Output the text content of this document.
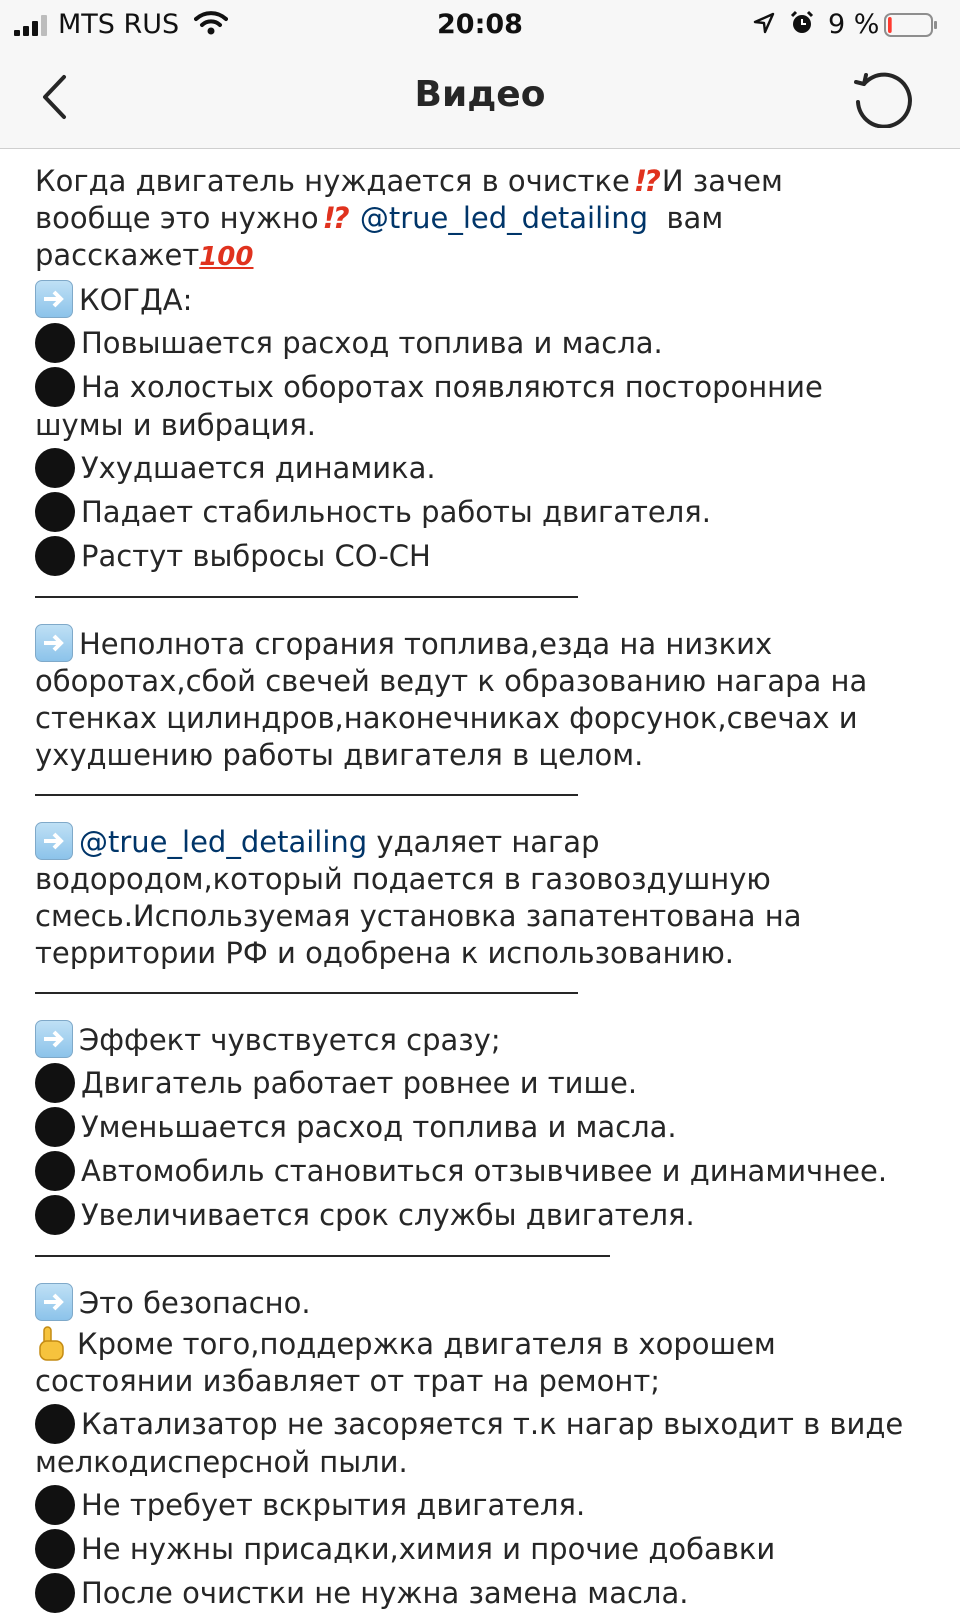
MTS RUS	20:08	9 %
Видео
Когда двигатель нуждается в очистке !? И зачем
вообще это нужно !? @true_led_detailing вам
расскажет100
КОГДА:
Повышается расход топлива и масла.
На холостых оборотах появляются посторонние
шумы и вибрация.
Ухудшается динамика.
Падает стабильность работы двигателя.
Растут выбросы CO-CH
Неполнота сгорания топлива,езда на низких
оборотах,сбой свечей ведут к образованию нагара на
стенках цилиндров,наконечниках форсунок,свечах и
ухудшению работы двигателя в целом.
@true_led_detailing удаляет нагар
водородом,который подается в газовоздушную
смесь.Используемая установка запатентована на
территории РФ и одобрена к использованию.
Эффект чувствуется сразу;
Двигатель работает ровнее и тише.
Уменьшается расход топлива и масла.
Автомобиль становиться отзывчивее и динамичнее.
Увеличивается срок службы двигателя.
Это безопасно.
Кроме того,поддержка двигателя в хорошем
состоянии избавляет от трат на ремонт;
Катализатор не засоряется т.к нагар выходит в виде
мелкодисперсной пыли.
Не требует вскрытия двигателя.
Не нужны присадки,химия и прочие добавки
После очистки не нужна замена масла.
